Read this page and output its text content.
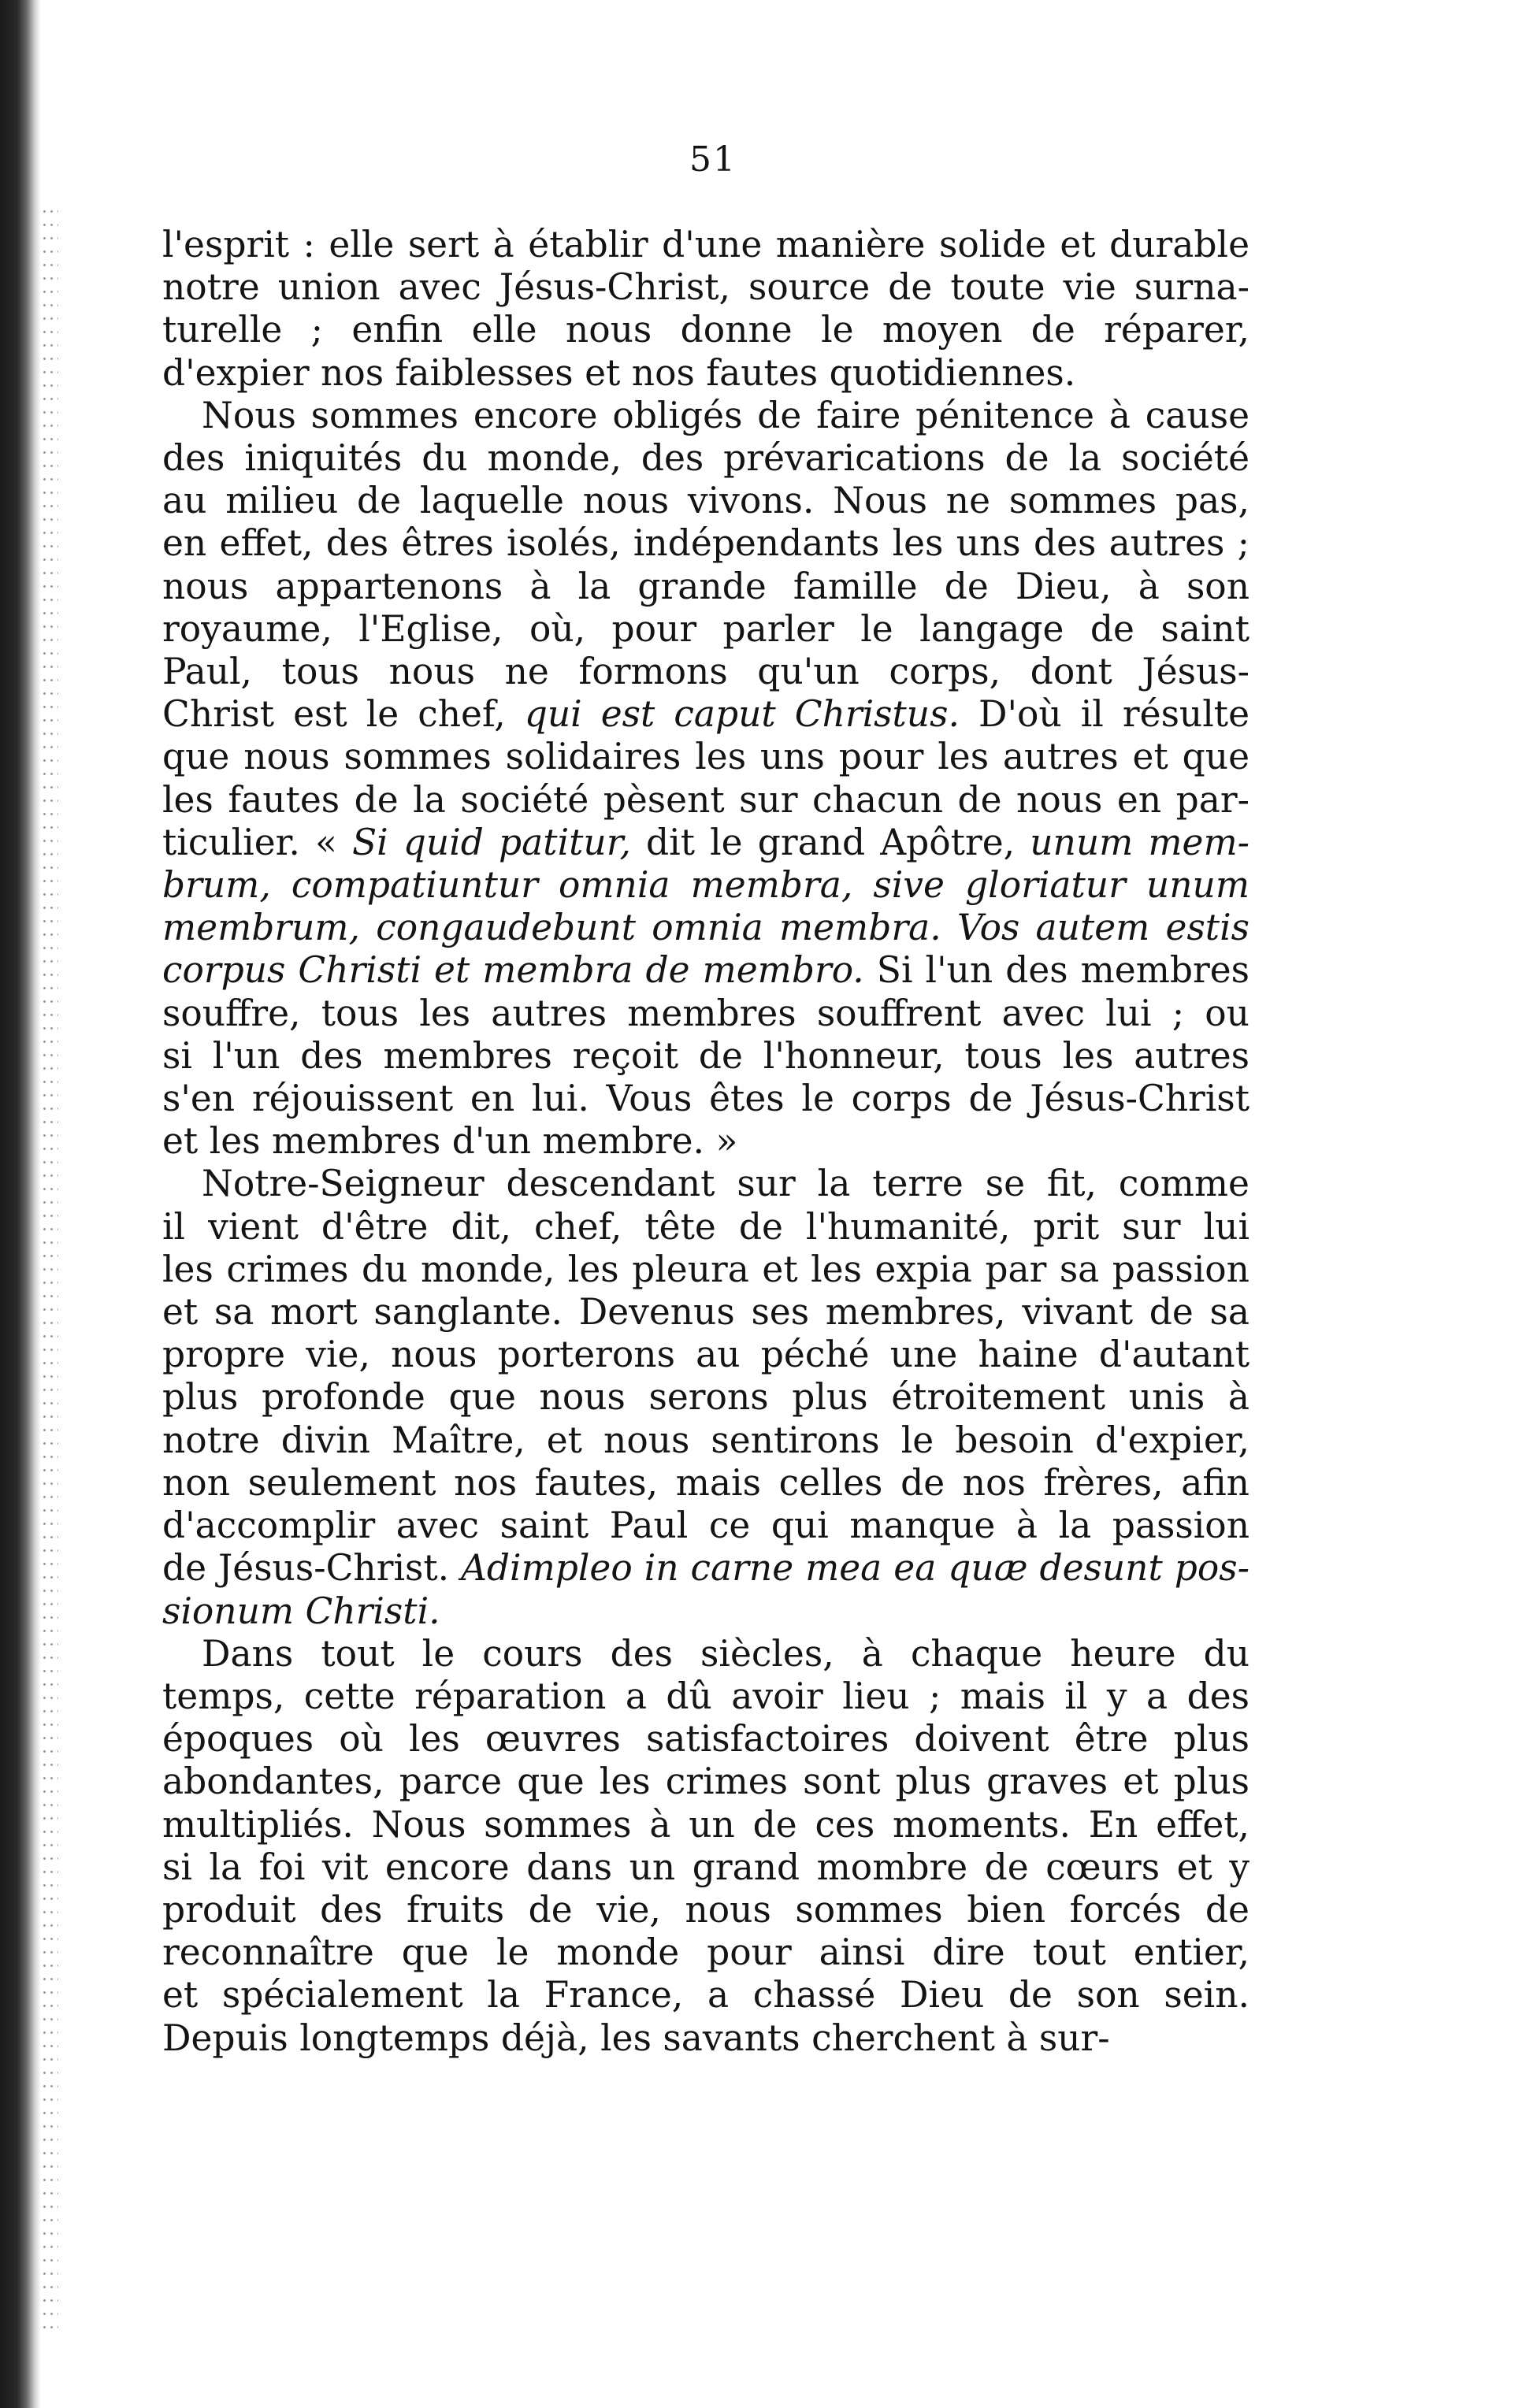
51
l'esprit : elle sert à établir d'une manière solide et durable
notre union avec Jésus-Christ, source de toute vie surna-
turelle ; enfin elle nous donne le moyen de réparer,
d'expier nos faiblesses et nos fautes quotidiennes.
Nous sommes encore obligés de faire pénitence à cause
des iniquités du monde, des prévarications de la société
au milieu de laquelle nous vivons. Nous ne sommes pas,
en effet, des êtres isolés, indépendants les uns des autres ;
nous appartenons à la grande famille de Dieu, à son
royaume, l'Eglise, où, pour parler le langage de saint
Paul, tous nous ne formons qu'un corps, dont Jésus-
Christ est le chef, qui est caput Christus. D'où il résulte
que nous sommes solidaires les uns pour les autres et que
les fautes de la société pèsent sur chacun de nous en par-
ticulier. « Si quid patitur, dit le grand Apôtre, unum mem-
brum, compatiuntur omnia membra, sive gloriatur unum
membrum, congaudebunt omnia membra. Vos autem estis
corpus Christi et membra de membro. Si l'un des membres
souffre, tous les autres membres souffrent avec lui ; ou
si l'un des membres reçoit de l'honneur, tous les autres
s'en réjouissent en lui. Vous êtes le corps de Jésus-Christ
et les membres d'un membre. »
Notre-Seigneur descendant sur la terre se fit, comme
il vient d'être dit, chef, tête de l'humanité, prit sur lui
les crimes du monde, les pleura et les expia par sa passion
et sa mort sanglante. Devenus ses membres, vivant de sa
propre vie, nous porterons au péché une haine d'autant
plus profonde que nous serons plus étroitement unis à
notre divin Maître, et nous sentirons le besoin d'expier,
non seulement nos fautes, mais celles de nos frères, afin
d'accomplir avec saint Paul ce qui manque à la passion
de Jésus-Christ. Adimpleo in carne mea ea quæ desunt pos-
sionum Christi.
Dans tout le cours des siècles, à chaque heure du
temps, cette réparation a dû avoir lieu ; mais il y a des
époques où les œuvres satisfactoires doivent être plus
abondantes, parce que les crimes sont plus graves et plus
multipliés. Nous sommes à un de ces moments. En effet,
si la foi vit encore dans un grand mombre de cœurs et y
produit des fruits de vie, nous sommes bien forcés de
reconnaître que le monde pour ainsi dire tout entier,
et spécialement la France, a chassé Dieu de son sein.
Depuis longtemps déjà, les savants cherchent à sur-
